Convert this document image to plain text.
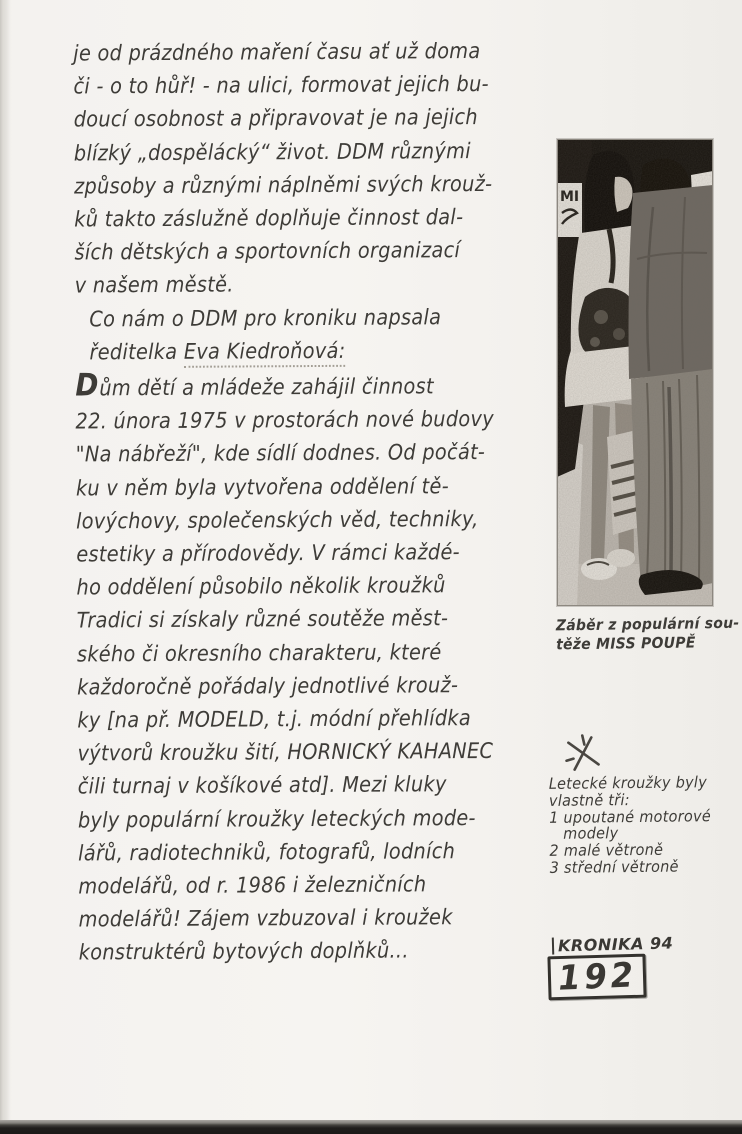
je od prázdného maření času ať už doma
či - o to hůř! - na ulici, formovat jejich bu-
doucí osobnost a připravovat je na jejich
blízký „dospělácký“ život. DDM různými
způsoby a různými náplněmi svých krouž-
ků takto záslužně doplňuje činnost dal-
ších dětských a sportovních organizací
v našem městě.
Co nám o DDM pro kroniku napsala
ředitelka Eva Kiedroňová:
Dům dětí a mládeže zahájil činnost
22. února 1975 v prostorách nové budovy
"Na nábřeží", kde sídlí dodnes. Od počát-
ku v něm byla vytvořena oddělení tě-
lovýchovy, společenských věd, techniky,
estetiky a přírodovědy. V rámci každé-
ho oddělení působilo několik kroužků
Tradici si získaly různé soutěže měst-
ského či okresního charakteru, které
každoročně pořádaly jednotlivé krouž-
ky [na př. MODELD, t.j. módní přehlídka
výtvorů kroužku šití, HORNICKÝ KAHANEC
čili turnaj v košíkové atd]. Mezi kluky
byly populární kroužky leteckých mode-
lářů, radiotechniků, fotografů, lodních
modelářů, od r. 1986 i železničních
modelářů! Zájem vzbuzoval i kroužek
konstruktérů bytových doplňků...
MI
Záběr z populární sou-
těže MISS POUPĚ
Letecké kroužky byly
vlastně tři:
1 upoutané motorové
modely
2 malé větroně
3 střední větroně
KRONIKA 94
192
